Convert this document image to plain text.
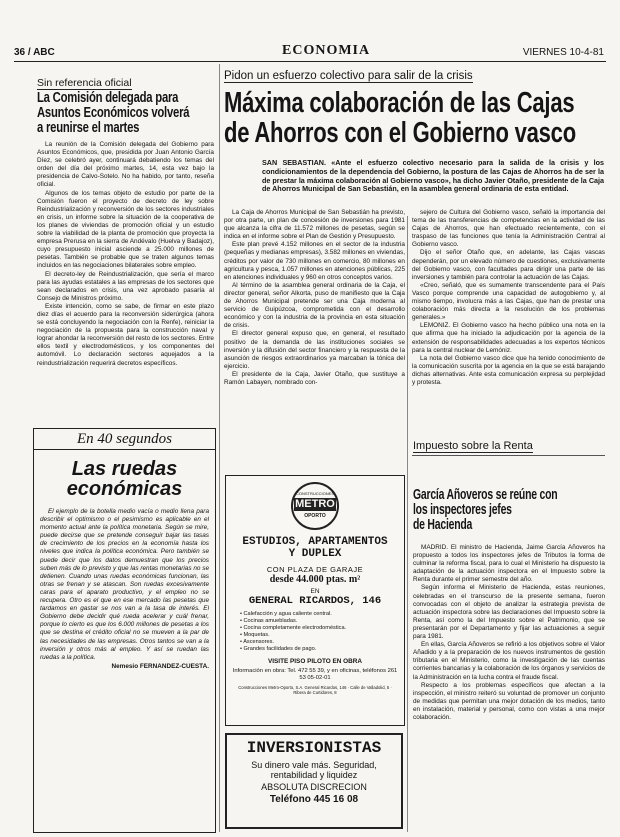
36 / ABC	ECONOMIA	VIERNES 10-4-81
Sin referencia oficial
La Comisión delegada para
Asuntos Económicos volverá
a reunirse el martes

La reunión de la Comisión delegada del Gobierno para Asuntos Económicos, que, presidida por Juan Antonio García Díez, se celebró ayer, continuará debatiendo los temas del orden del día del próximo martes, 14, esta vez bajo la presidencia de Calvo-Sotelo. No ha habido, por tanto, reseña oficial.

Algunos de los temas objeto de estudio por parte de la Comisión fueron el proyecto de decreto de ley sobre Reindustrialización y reconversión de los sectores industriales en crisis, un informe sobre la situación de la cooperativa de los planes de viviendas de promoción oficial y un estudio sobre la viabilidad de la planta de promoción que proyecta la empresa Prerusa en la sierra de Andévalo (Huelva y Badajoz), cuyo presupuesto inicial asciende a 25.000 millones de pesetas. También se probable que se traten algunos temas incluidos en las negociaciones bilaterales sobre empleo.

El decreto-ley de Reindustrialización, que sería el marco para las ayudas estatales a las empresas de los sectores que sean declarados en crisis, una vez aprobado pasaría al Consejo de Ministros próximo.

Existe intención, como se sabe, de firmar en este plazo diez días el acuerdo para la reconversión siderúrgica (ahora se está concluyendo la negociación con la Renfe), reiniciar la negociación de la propuesta para la construcción naval y lograr ahondar la reconversión del resto de los sectores. Entre ellos textil y electrodomésticos, y los componentes del automóvil. Lo declaración sectores aquejados a la reindustrialización requerirá decretos específicos.

En 40 segundos
Las ruedas
económicas

El ejemplo de la botella medio vacía o medio llena para describir el optimismo o el pesimismo es aplicable en el momento actual ante la política monetaria. Según se mire, puede decirse que se pretende conseguir bajar las tasas de crecimiento de los precios en la economía hasta los niveles que indica la política económica. Pero también se puede decir que los datos demuestran que los precios suben más de lo previsto y que las rentas monetarias no se detienen. Cuando unas ruedas económicas funcionan, las otras se frenan y se atascan. Son ruedas excesivamente caras para el aparato productivo, y el empleo no se recupera. Otro es el que en ese mercado las pesetas que tardamos en gastar se nos van a la tasa de interés. El Gobierno debe decidir qué rueda acelerar y cuál frenar, porque lo cierto es que los 6.000 millones de pesetas a los que se destina el crédito oficial no se mueven a la par de las necesidades de las empresas. Otros tantos se van a la inversión y otros más al empleo. Y así se ruedan las ruedas a la política.

Nemesio FERNANDEZ-CUESTA.

Pidon un esfuerzo colectivo para salir de la crisis
Máxima colaboración de las Cajas
de Ahorros con el Gobierno vasco
SAN SEBASTIAN. «Ante el esfuerzo colectivo necesario para la salida de la crisis y los condicionamientos de la dependencia del Gobierno, la postura de las Cajas de Ahorros ha de ser la de prestar la máxima colaboración al Gobierno vasco», ha dicho Javier Otaño, presidente de la Caja de Ahorros Municipal de San Sebastián, en la asamblea general ordinaria de esta entidad.

La Caja de Ahorros Municipal de San Sebastián ha previsto, por otra parte, un plan de concesión de inversiones para 1981 que alcanza la cifra de 11.572 millones de pesetas, según se indica en el informe sobre el Plan de Gestión y Presupuesto.

Este plan prevé 4.152 millones en el sector de la industria (pequeñas y medianas empresas), 3.582 millones en viviendas, créditos por valor de 730 millones en comercio, 80 millones en agricultura y pesca, 1.057 millones en atenciones públicas, 225 en atenciones individuales y 960 en otros conceptos varios.

Al término de la asamblea general ordinaria de la Caja, el director general, señor Alkorta, puso de manifiesto que la Caja de Ahorros Municipal pretende ser una Caja moderna al servicio de Guipúzcoa, comprometida con el desarrollo económico y con la industria de la provincia en esta situación de crisis.

El director general expuso que, en general, el resultado positivo de la demanda de las instituciones sociales se inversión y la difusión del sector financiero y la respuesta de la asunción de riesgos extraordinarios ya marcaban la tónica del ejercicio.

El presidente de la Caja, Javier Otaño, que sustituye a Ramón Labayen, nombrado con-

sejero de Cultura del Gobierno vasco, señaló la importancia del tema de las transferencias de competencias en la actividad de las Cajas de Ahorros, que han efectuado recientemente, con el traspaso de las funciones que tenía la Administración Central al Gobierno vasco.

Dijo el señor Otaño que, en adelante, las Cajas vascas dependerán, por un elevado número de cuestiones, exclusivamente del Gobierno vasco, con facultades para dirigir una parte de las inversiones y también para controlar la actuación de las Cajas.

«Creo, señaló, que es sumamente transcendente para el País Vasco porque comprende una capacidad de autogobierno y, al mismo tiempo, involucra más a las Cajas, que han de prestar una colaboración más directa a la resolución de los problemas generales.»

LEMONIZ. El Gobierno vasco ha hecho público una nota en la que afirma que ha iniciado la adjudicación por la agencia de la extensión de responsabilidades adecuadas a los expertos técnicos para la central nuclear de Lemóniz.

La nota del Gobierno vasco dice que ha tenido conocimiento de la comunicación suscrita por la agencia en la que se está barajando dichas alternativas. Ante esta comunicación expresa su perplejidad y protesta.

CONSTRUCCIONES
METRO
OPORTO
ESTUDIOS, APARTAMENTOS
Y DUPLEX
CON PLAZA DE GARAJE
desde 44.000 ptas. m²
EN
GENERAL RICARDOS, 146
• Calefacción y agua caliente central.
• Cocinas amuebladas.
• Cocina completamente electrodoméstica.
• Moquetas.
• Ascensores.
• Grandes facilidades de pago.
VISITE PISO PILOTO EN OBRA
Información en obra: Tel. 472 55 39, y en oficinas, teléfonos 261 53 05-02-01
Construcciones Metro-Oporto, S.A. General Ricardos, 146 · Calle de Valladolid, 5 · Ribera de Curtidores, 8
INVERSIONISTAS
Su dinero vale más. Seguridad,
rentabilidad y liquidez
ABSOLUTA DISCRECION
Teléfono 445 16 08
Impuesto sobre la Renta
García Añoveros se reúne con
los inspectores jefes
de Hacienda

MADRID. El ministro de Hacienda, Jaime García Añoveros ha propuesto a todos los inspectores jefes de Tributos la forma de culminar la reforma fiscal, para lo cual el Ministerio ha dispuesto la adaptación de la actuación inspectora en el Impuesto sobre la Renta durante el primer semestre del año.

Según informa el Ministerio de Hacienda, estas reuniones, celebradas en el transcurso de la presente semana, fueron convocadas con el objeto de analizar la estrategia prevista de actuación inspectora sobre las declaraciones del Impuesto sobre la Renta, así como la del Impuesto sobre el Patrimonio, que se presentarán por el Departamento y fijar las actuaciones a seguir para 1981.

En ellas, García Añoveros se refirió a los objetivos sobre el Valor Añadido y a la preparación de los nuevos instrumentos de gestión tributaria en el Ministerio, como la investigación de las cuentas corrientes bancarias y la colaboración de los órganos y servicios de la Administración en la lucha contra el fraude fiscal.

Respecto a los problemas específicos que afectan a la inspección, el ministro reiteró su voluntad de promover un conjunto de medidas que permitan una mejor dotación de los medios, tanto en instalación, material y personal, como con vistas a una mejor colaboración.
